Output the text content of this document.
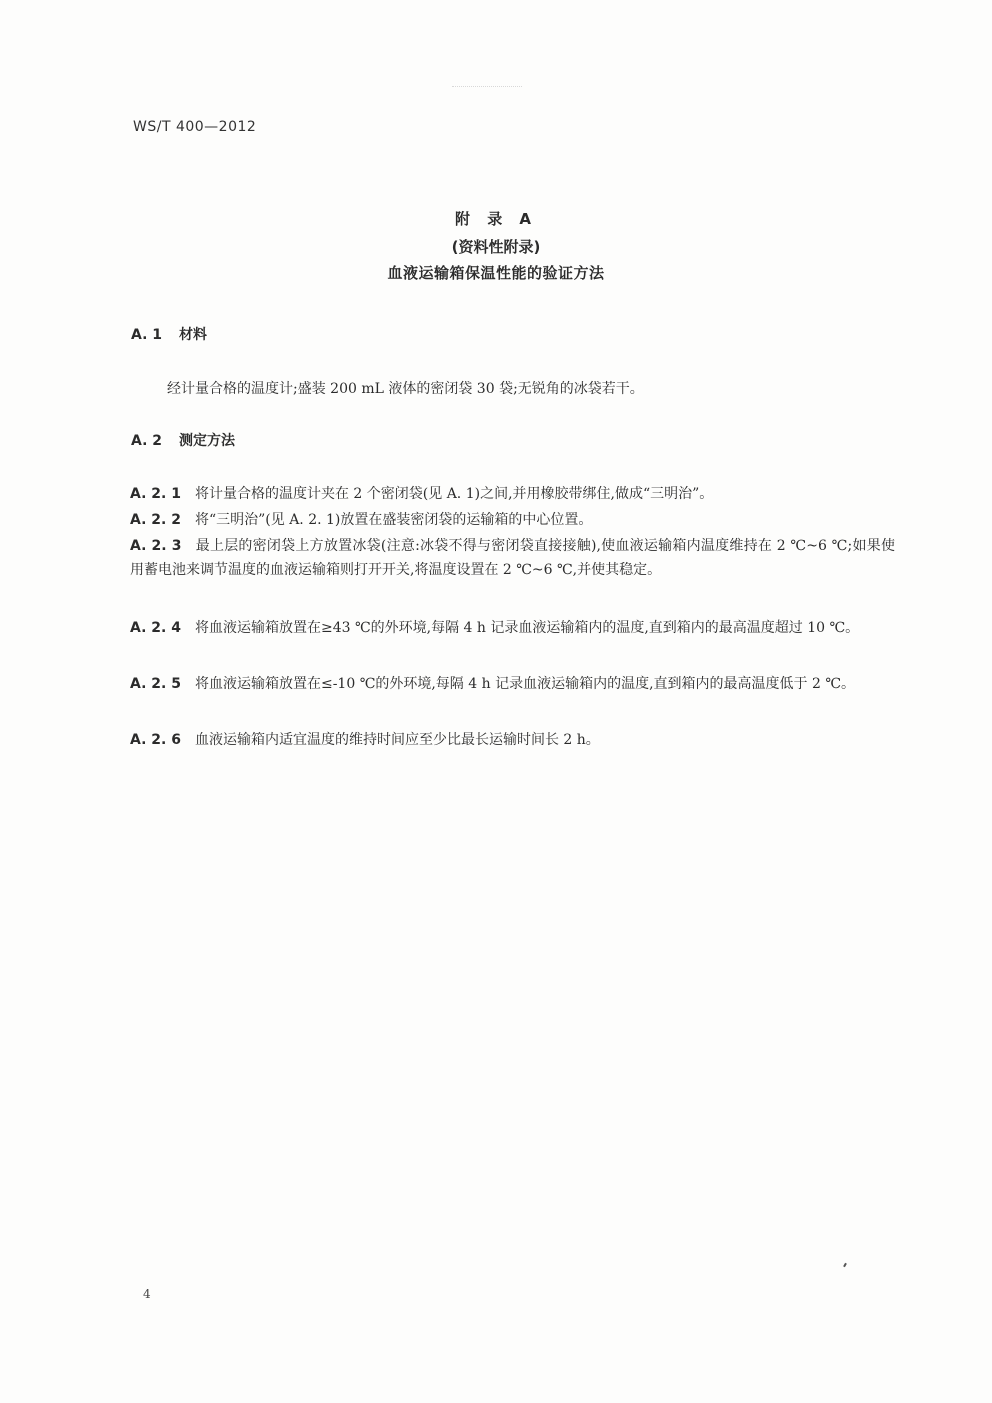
WS/T 400—2012
附 录 A
(资料性附录)
血液运输箱保温性能的验证方法
A. 1 材料
经计量合格的温度计;盛装 200 mL 液体的密闭袋 30 袋;无锐角的冰袋若干。
A. 2 测定方法
A. 2. 1 将计量合格的温度计夹在 2 个密闭袋(见 A. 1)之间,并用橡胶带绑住,做成“三明治”。
A. 2. 2 将“三明治”(见 A. 2. 1)放置在盛装密闭袋的运输箱的中心位置。
A. 2. 3 最上层的密闭袋上方放置冰袋(注意:冰袋不得与密闭袋直接接触),使血液运输箱内温度维持在 2 ℃~6 ℃;如果使用蓄电池来调节温度的血液运输箱则打开开关,将温度设置在 2 ℃~6 ℃,并使其稳定。
A. 2. 4 将血液运输箱放置在≥43 ℃的外环境,每隔 4 h 记录血液运输箱内的温度,直到箱内的最高温度超过 10 ℃。
A. 2. 5 将血液运输箱放置在≤-10 ℃的外环境,每隔 4 h 记录血液运输箱内的温度,直到箱内的最高温度低于 2 ℃。
A. 2. 6 血液运输箱内适宜温度的维持时间应至少比最长运输时间长 2 h。
4
